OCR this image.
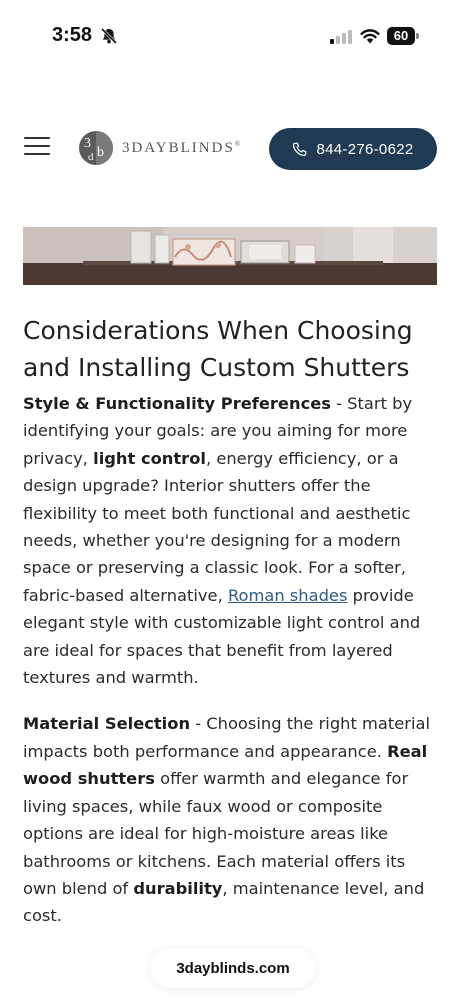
3:58	60
3
b
d
3DAYBLINDS®	844-276-0622
Considerations When Choosing and Installing Custom Shutters

Style & Functionality Preferences - Start by identifying your goals: are you aiming for more privacy, light control, energy efficiency, or a design upgrade? Interior shutters offer the flexibility to meet both functional and aesthetic needs, whether you're designing for a modern space or preserving a classic look. For a softer, fabric-based alternative, Roman shades provide elegant style with customizable light control and are ideal for spaces that benefit from layered textures and warmth.

Material Selection - Choosing the right material impacts both performance and appearance. Real wood shutters offer warmth and elegance for living spaces, while faux wood or composite options are ideal for high-moisture areas like bathrooms or kitchens. Each material offers its own blend of durability, maintenance level, and cost.

3dayblinds.com
